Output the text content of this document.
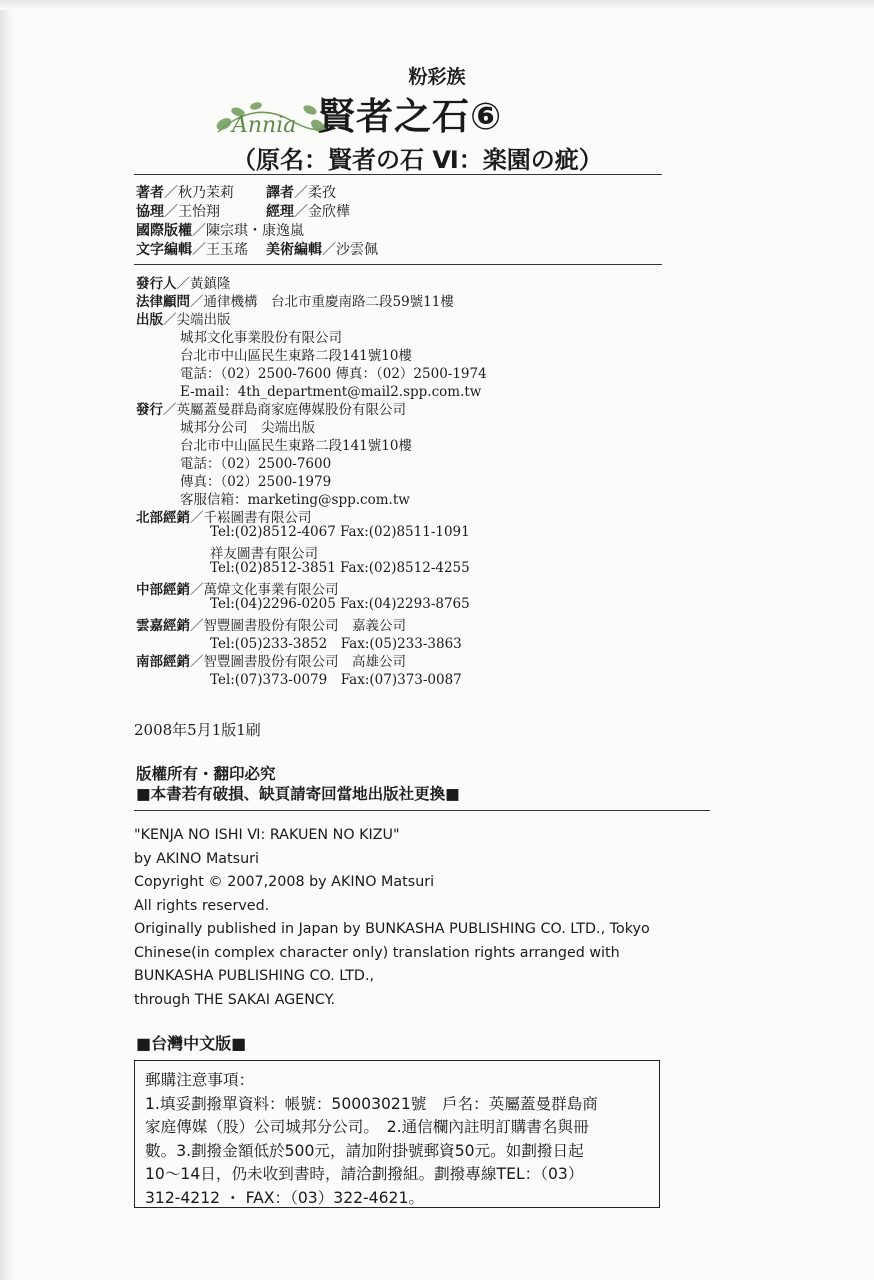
粉彩族
Annia 賢者之石⑥
（原名：賢者の石 Ⅵ：楽園の疵）
著者／秋乃茉莉	譯者／柔孜
協理／王怡翔	經理／金欣樺
國際版權／陳宗琪・康逸嵐
文字編輯／王玉瑤	美術編輯／沙雲佩
發行人／黃鎮隆
法律顧問／通律機構　台北市重慶南路二段59號11樓
出版／尖端出版
城邦文化事業股份有限公司
台北市中山區民生東路二段141號10樓
電話：（02）2500-7600 傳真：（02）2500-1974
E-mail：4th_department@mail2.spp.com.tw
發行／英屬蓋曼群島商家庭傳媒股份有限公司
城邦分公司　尖端出版
台北市中山區民生東路二段141號10樓
電話：（02）2500-7600
傳真：（02）2500-1979
客服信箱：marketing@spp.com.tw
北部經銷／千崧圖書有限公司
Tel:(02)8512-4067 Fax:(02)8511-1091
祥友圖書有限公司
Tel:(02)8512-3851 Fax:(02)8512-4255
中部經銷／萬煒文化事業有限公司
Tel:(04)2296-0205 Fax:(04)2293-8765
雲嘉經銷／智豐圖書股份有限公司　嘉義公司
Tel:(05)233-3852　Fax:(05)233-3863
南部經銷／智豐圖書股份有限公司　高雄公司
Tel:(07)373-0079　Fax:(07)373-0087
2008年5月1版1刷
版權所有・翻印必究
■本書若有破損、缺頁請寄回當地出版社更換■
"KENJA NO ISHI Ⅵ: RAKUEN NO KIZU"
by AKINO Matsuri
Copyright © 2007,2008 by AKINO Matsuri
All rights reserved.
Originally published in Japan by BUNKASHA PUBLISHING CO. LTD., Tokyo
Chinese(in complex character only) translation rights arranged with
BUNKASHA PUBLISHING CO. LTD.,
through THE SAKAI AGENCY.
■台灣中文版■
郵購注意事項：
1.填妥劃撥單資料：帳號：50003021號　戶名：英屬蓋曼群島商
家庭傳媒（股）公司城邦分公司。　2.通信欄內註明訂購書名與冊
數。3.劃撥金額低於500元，請加附掛號郵資50元。如劃撥日起
10～14日，仍未收到書時，請洽劃撥組。劃撥專線TEL：（03）
312-4212 ・ FAX：（03）322-4621。
